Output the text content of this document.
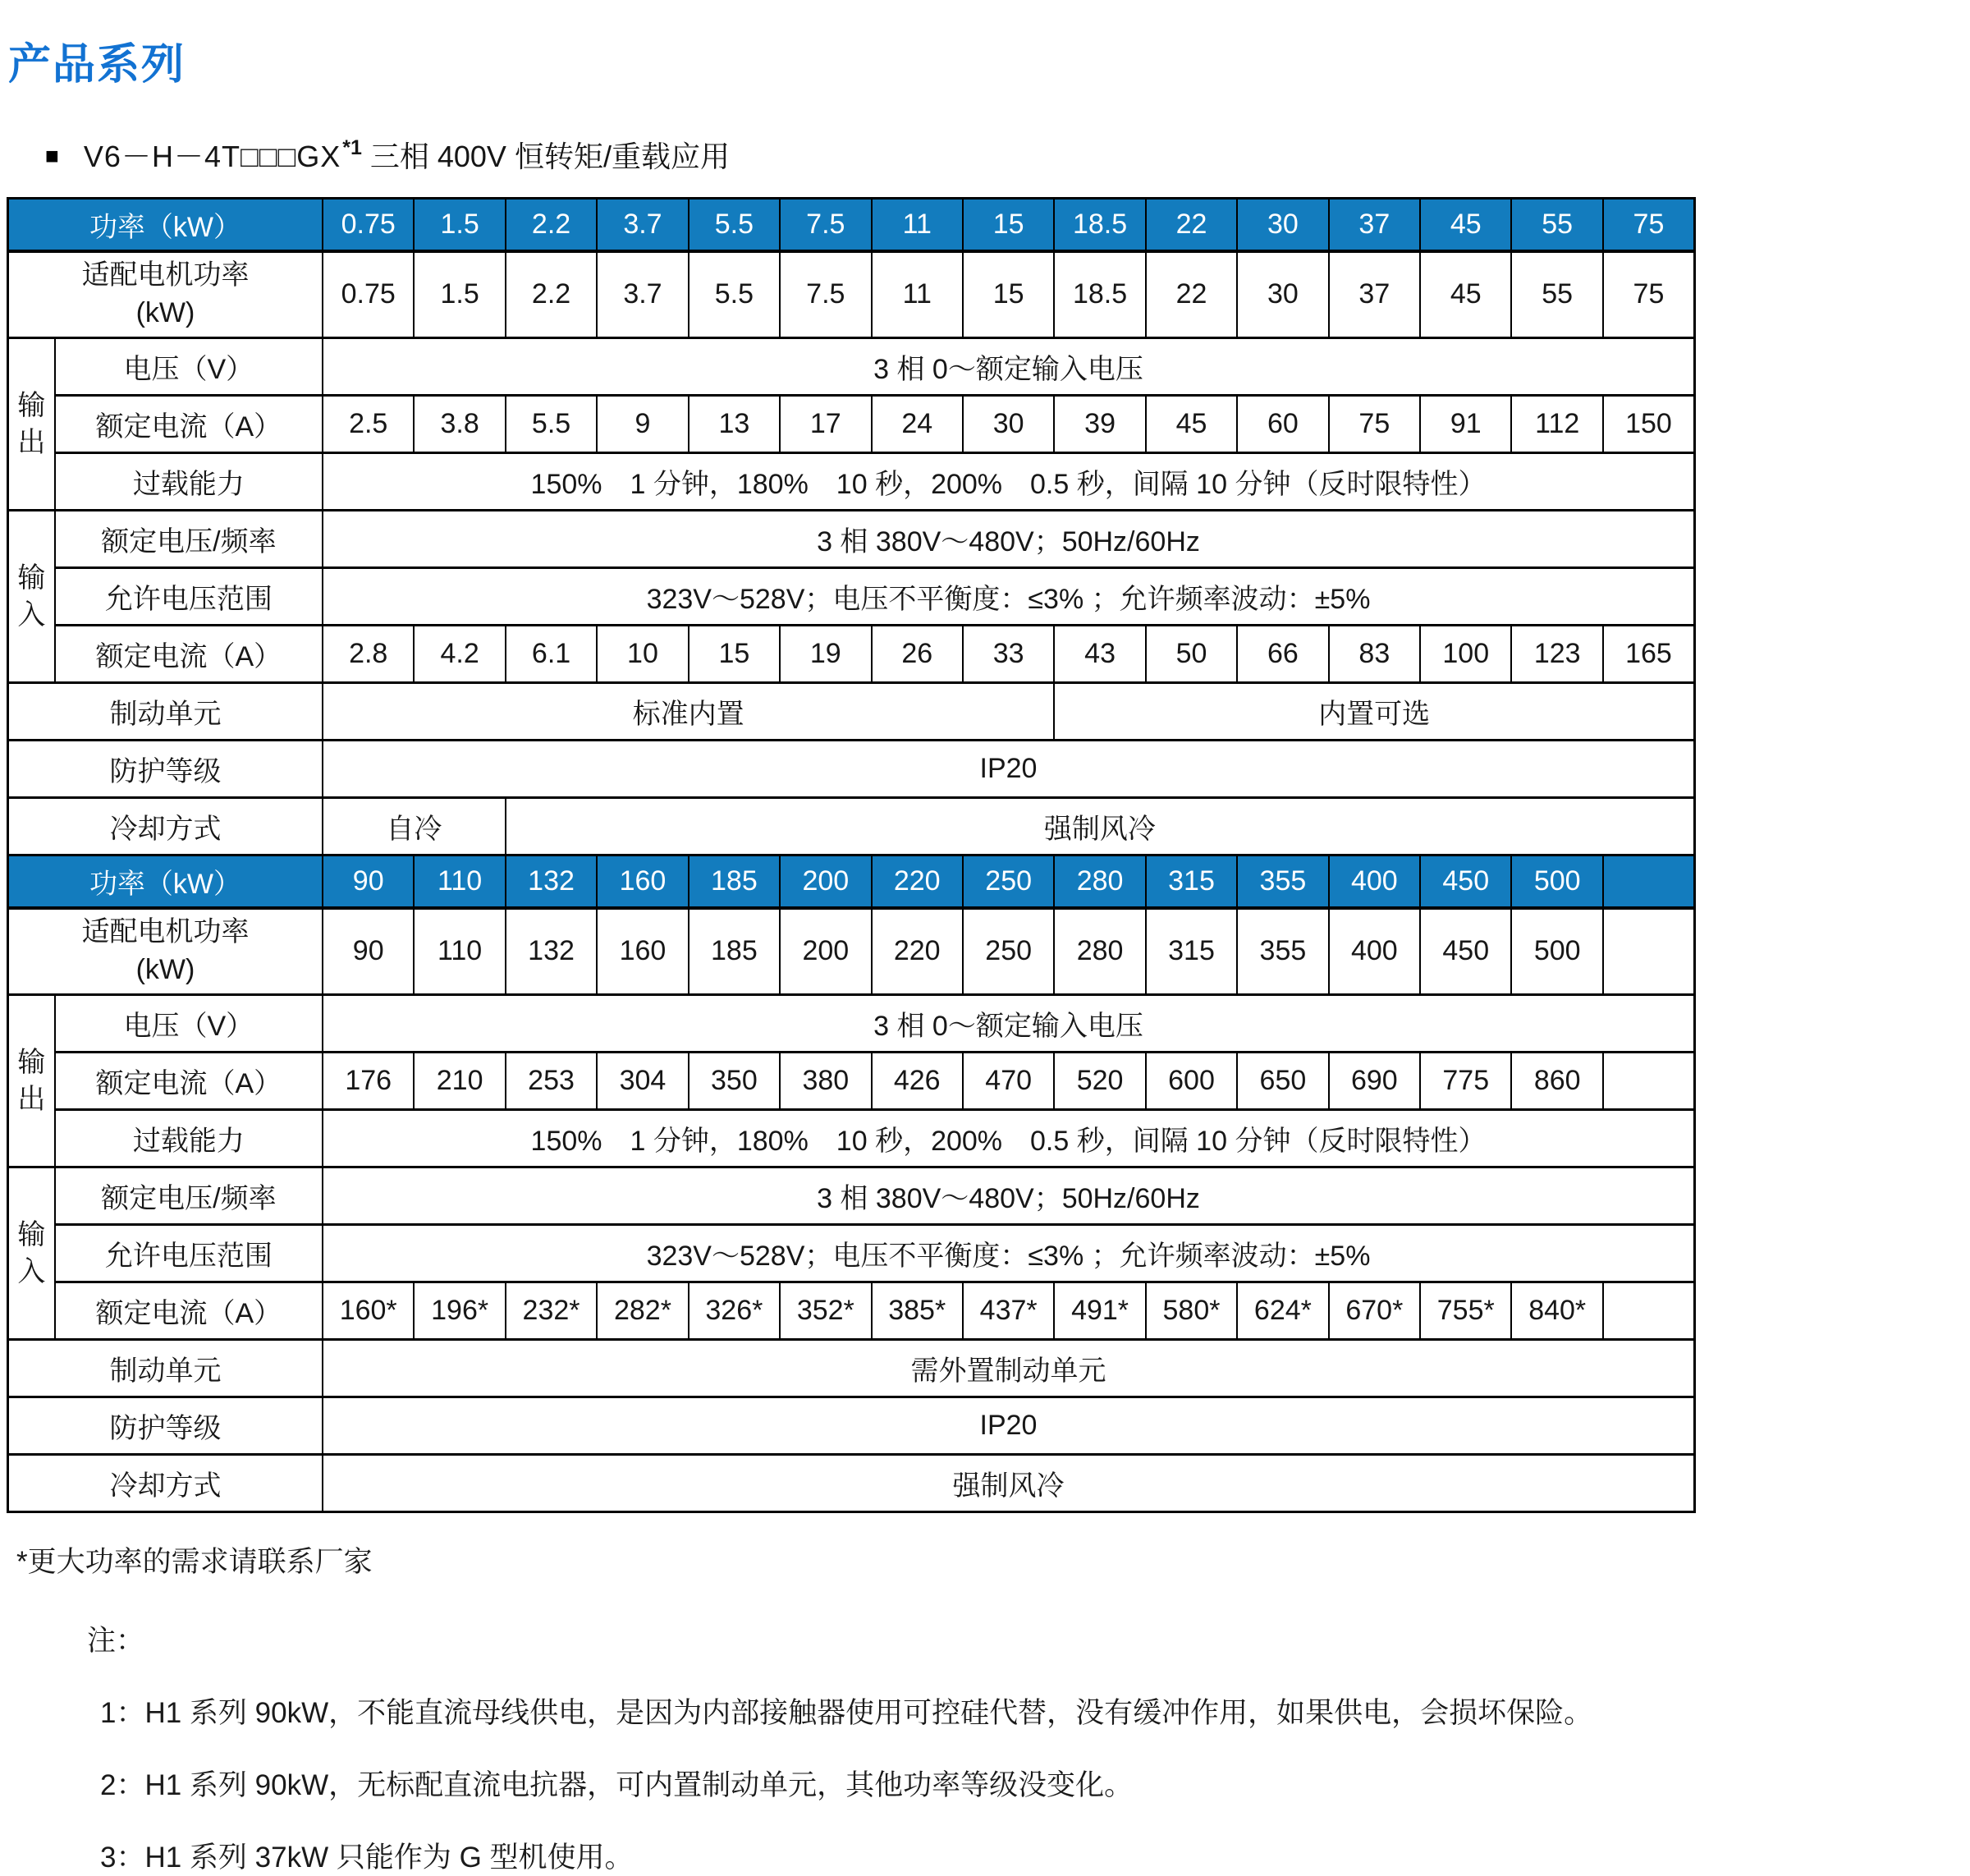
产品系列
■ $V6-H-4T□□□GX^{*1}$ 三相 400V 恒转矩/重载应用
功率（kW）		0.75	1.5	2.2	3.7	5.5	7.5	11	15	18.5	22	30	37	45	55	75

适配电机功率
(kW)		0.75	1.5	2.2	3.7	5.5	7.5	11	15	18.5	22	30	37	45	55	75
输出	电压（V）	3 相 0～额定输入电压														
	额定电流（A）	2.5	3.8	5.5	9	13	17	24	30	39	45	60	75	91	112	150
	过载能力	150%　1 分钟，180%　10 秒，200%　0.5 秒，间隔 10 分钟（反时限特性）														
输入	额定电压/频率	3 相 380V～480V；50Hz/60Hz														
	允许电压范围	323V～528V；电压不平衡度：≤3% ；允许频率波动：±5%														
	额定电流（A）	2.8	4.2	6.1	10	15	19	26	33	43	50	66	83	100	123	165
制动单元		标准内置								内置可选						
防护等级		IP20														
冷却方式		自冷		强制风冷												
功率（kW）		90	110	132	160	185	200	220	250	280	315	355	400	450	500	

适配电机功率
(kW)		90	110	132	160	185	200	220	250	280	315	355	400	450	500	
输出	电压（V）	3 相 0～额定输入电压														
	额定电流（A）	176	210	253	304	350	380	426	470	520	600	650	690	775	860	
	过载能力	150%　1 分钟，180%　10 秒，200%　0.5 秒，间隔 10 分钟（反时限特性）														
输入	额定电压/频率	3 相 380V～480V；50Hz/60Hz														
	允许电压范围	323V～528V；电压不平衡度：≤3% ；允许频率波动：±5%														
	额定电流（A）	160*	196*	232*	282*	326*	352*	385*	437*	491*	580*	624*	670*	755*	840*	
制动单元		需外置制动单元														
防护等级		IP20														
冷却方式		强制风冷														
*更大功率的需求请联系厂家
注：
1：H1 系列 90kW，不能直流母线供电，是因为内部接触器使用可控硅代替，没有缓冲作用，如果供电，会损坏保险。
2：H1 系列 90kW，无标配直流电抗器，可内置制动单元，其他功率等级没变化。
3：H1 系列 37kW 只能作为 G 型机使用。
